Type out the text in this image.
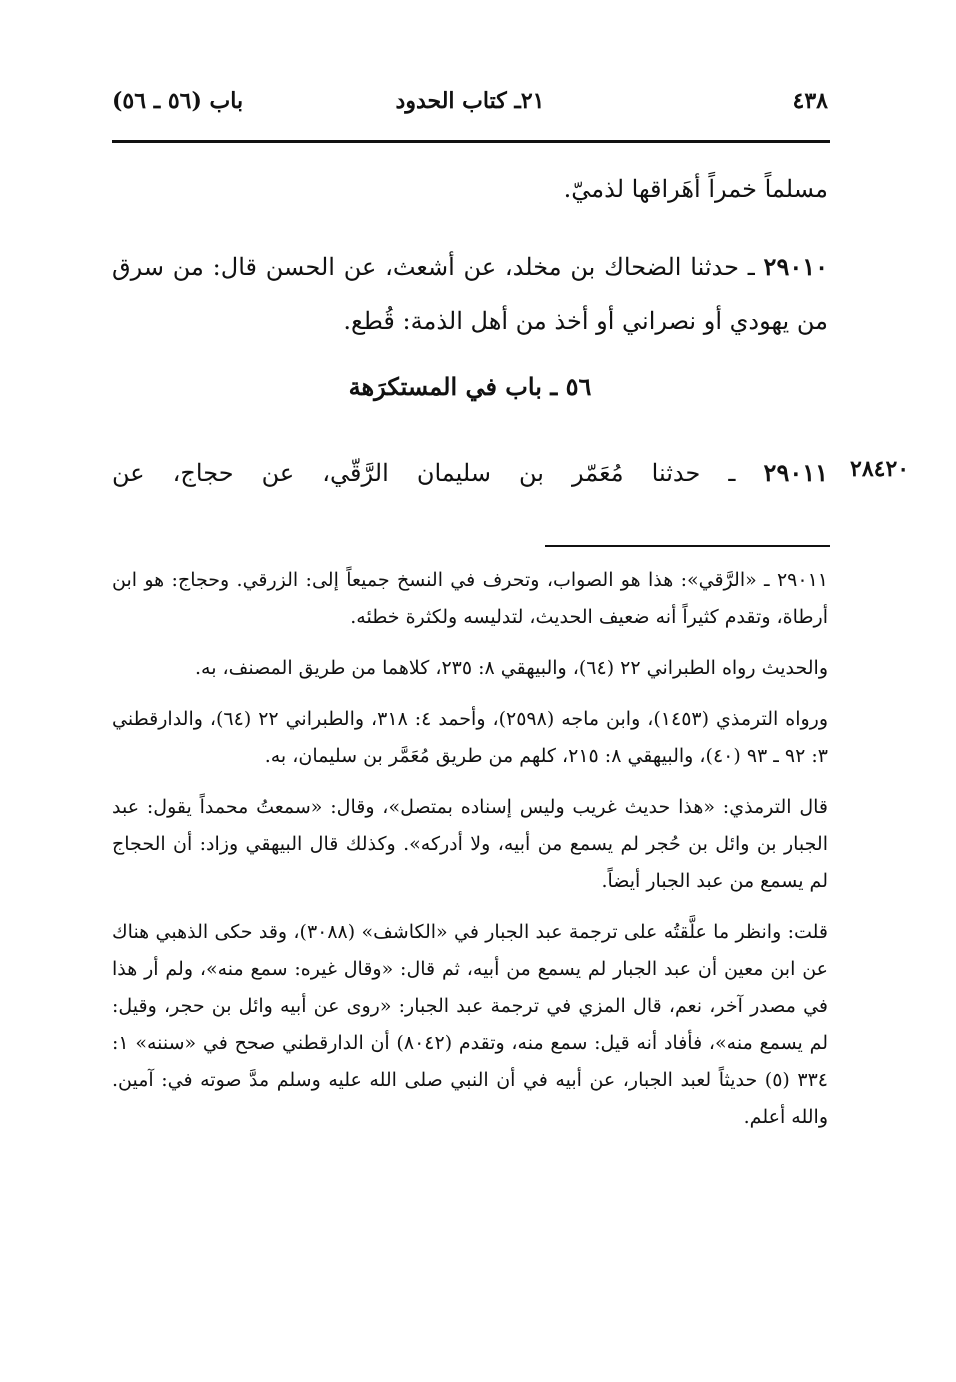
٤٣٨
٢١ـ كتاب الحدود
باب (٥٦ ـ ٥٦)
مسلماً خمراً أهَراقها لذميّ.
٢٩٠١٠ ـ حدثنا الضحاك بن مخلد، عن أشعث، عن الحسن قال: من سرق من يهودي أو نصراني أو أخذ من أهل الذمة: قُطع.
٥٦ ـ باب في المستكرَهة
٢٩٠١١ ـ حدثنا مُعَمّر بن سليمان الرَّقّي، عن حجاج، عن	٢٨٤٢٠

٢٩٠١١ ـ «الرَّقي»: هذا هو الصواب، وتحرف في النسخ جميعاً إلى: الزرقي. وحجاج: هو ابن أرطاة، وتقدم كثيراً أنه ضعيف الحديث، لتدليسه ولكثرة خطئه.

والحديث رواه الطبراني ٢٢ (٦٤)، والبيهقي ٨: ٢٣٥، كلاهما من طريق المصنف، به.

ورواه الترمذي (١٤٥٣)، وابن ماجه (٢٥٩٨)، وأحمد ٤: ٣١٨، والطبراني ٢٢ (٦٤)، والدارقطني ٣: ٩٢ ـ ٩٣ (٤٠)، والبيهقي ٨: ٢١٥، كلهم من طريق مُعَمَّر بن سليمان، به.

قال الترمذي: «هذا حديث غريب وليس إسناده بمتصل»، وقال: «سمعتُ محمداً يقول: عبد الجبار بن وائل بن حُجر لم يسمع من أبيه، ولا أدركه». وكذلك قال البيهقي وزاد: أن الحجاج لم يسمع من عبد الجبار أيضاً.

قلت: وانظر ما علَّقتُه على ترجمة عبد الجبار في «الكاشف» (٣٠٨٨)، وقد حكى الذهبي هناك عن ابن معين أن عبد الجبار لم يسمع من أبيه، ثم قال: «وقال غيره: سمع منه»، ولم أر هذا في مصدر آخر، نعم، قال المزي في ترجمة عبد الجبار: «روى عن أبيه وائل بن حجر، وقيل: لم يسمع منه»، فأفاد أنه قيل: سمع منه، وتقدم (٨٠٤٢) أن الدارقطني صحح في «سننه» ١: ٣٣٤ (٥) حديثاً لعبد الجبار، عن أبيه في أن النبي صلى الله عليه وسلم مدَّ صوته في: آمين. والله أعلم.
